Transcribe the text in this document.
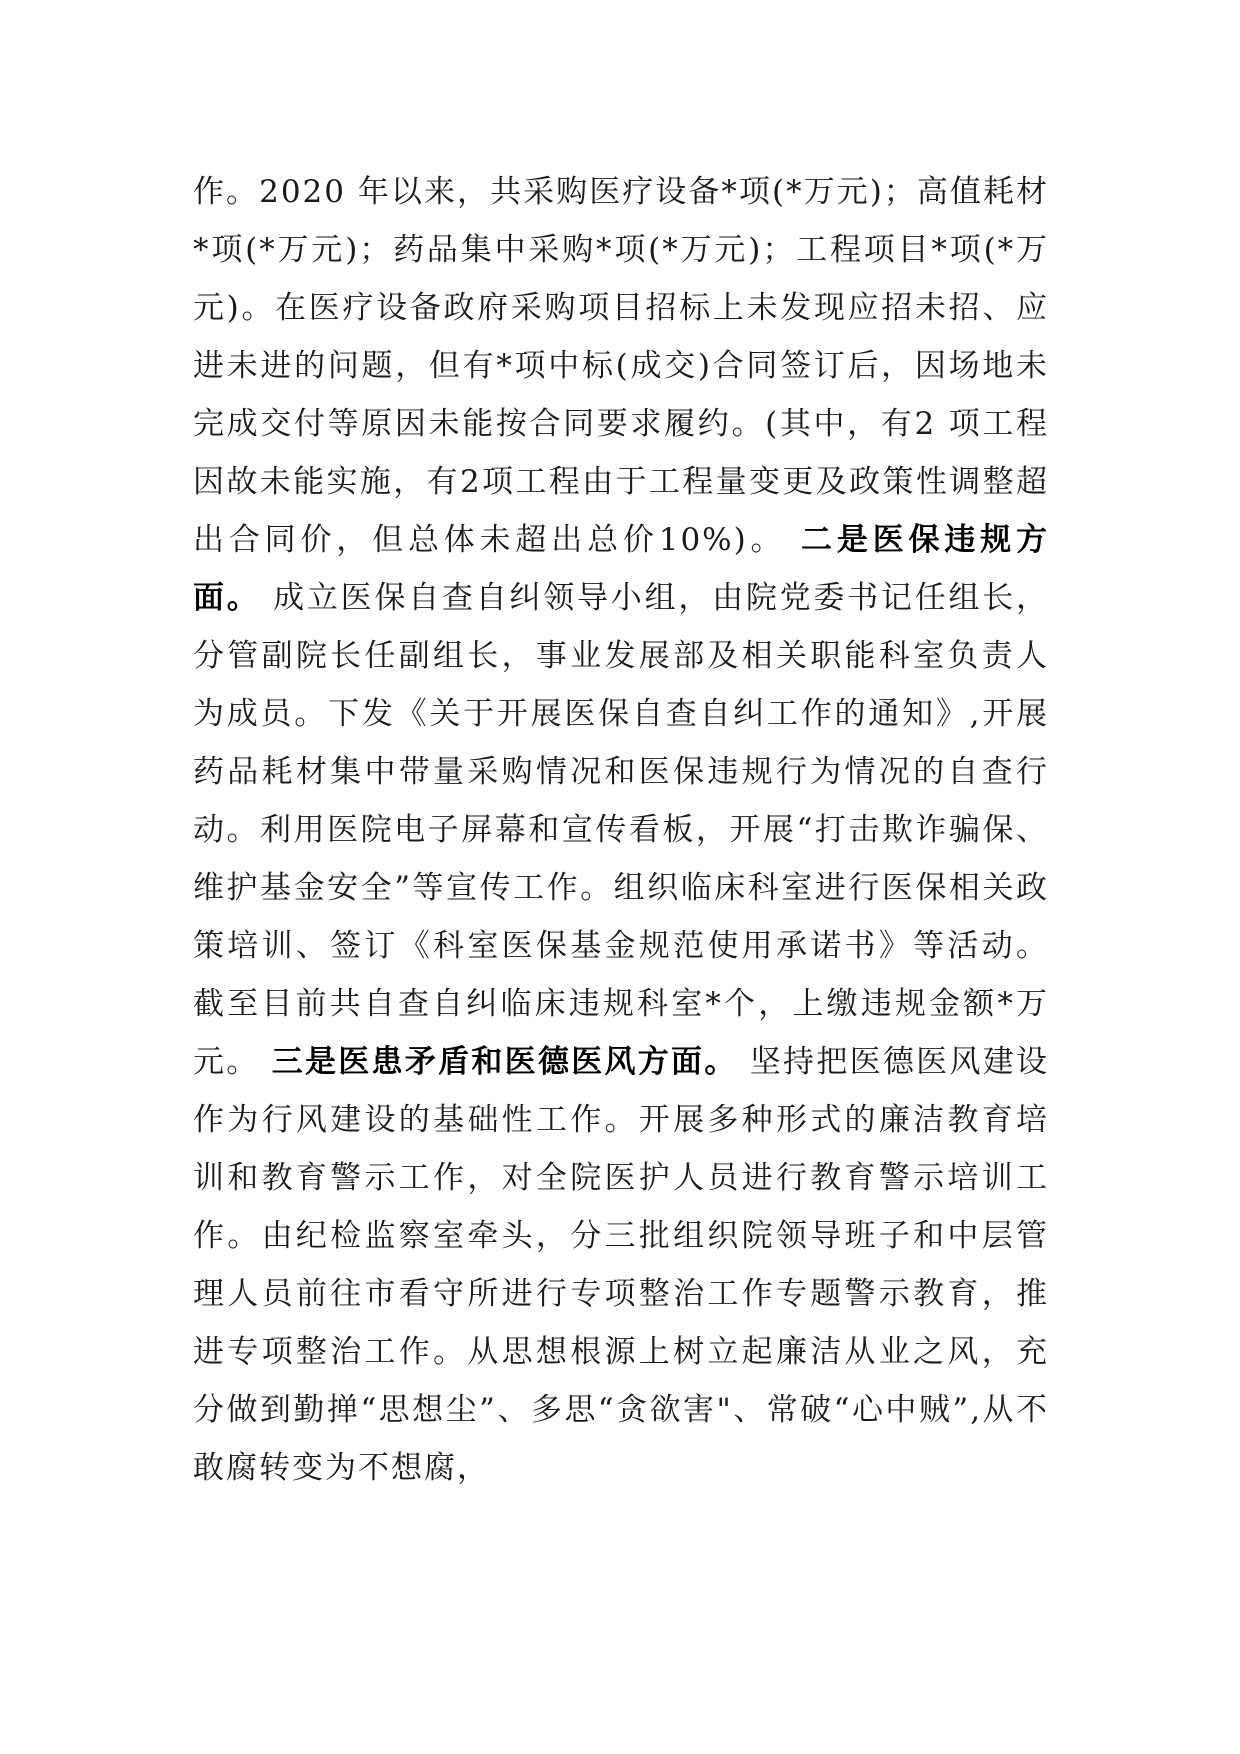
作。2020 年以来，共采购医疗设备*项(*万元)；高值耗材*项(*万元)；药品集中采购*项(*万元)；工程项目*项(*万元)。在医疗设备政府采购项目招标上未发现应招未招、应进未进的问题，但有*项中标(成交)合同签订后，因场地未完成交付等原因未能按合同要求履约。(其中，有2 项工程因故未能实施，有2项工程由于工程量变更及政策性调整超出合同价，但总体未超出总价10%)。 二是医保违规方面。 成立医保自查自纠领导小组，由院党委书记任组长，分管副院长任副组长，事业发展部及相关职能科室负责人为成员。下发《关于开展医保自查自纠工作的通知》,开展药品耗材集中带量采购情况和医保违规行为情况的自查行动。利用医院电子屏幕和宣传看板，开展“打击欺诈骗保、维护基金安全”等宣传工作。组织临床科室进行医保相关政策培训、签订《科室医保基金规范使用承诺书》等活动。截至目前共自查自纠临床违规科室*个，上缴违规金额*万元。 三是医患矛盾和医德医风方面。 坚持把医德医风建设作为行风建设的基础性工作。开展多种形式的廉洁教育培训和教育警示工作，对全院医护人员进行教育警示培训工作。由纪检监察室牵头，分三批组织院领导班子和中层管理人员前往市看守所进行专项整治工作专题警示教育，推进专项整治工作。从思想根源上树立起廉洁从业之风，充分做到勤掸“思想尘”、多思“贪欲害"、常破“心中贼”,从不敢腐转变为不想腐，
